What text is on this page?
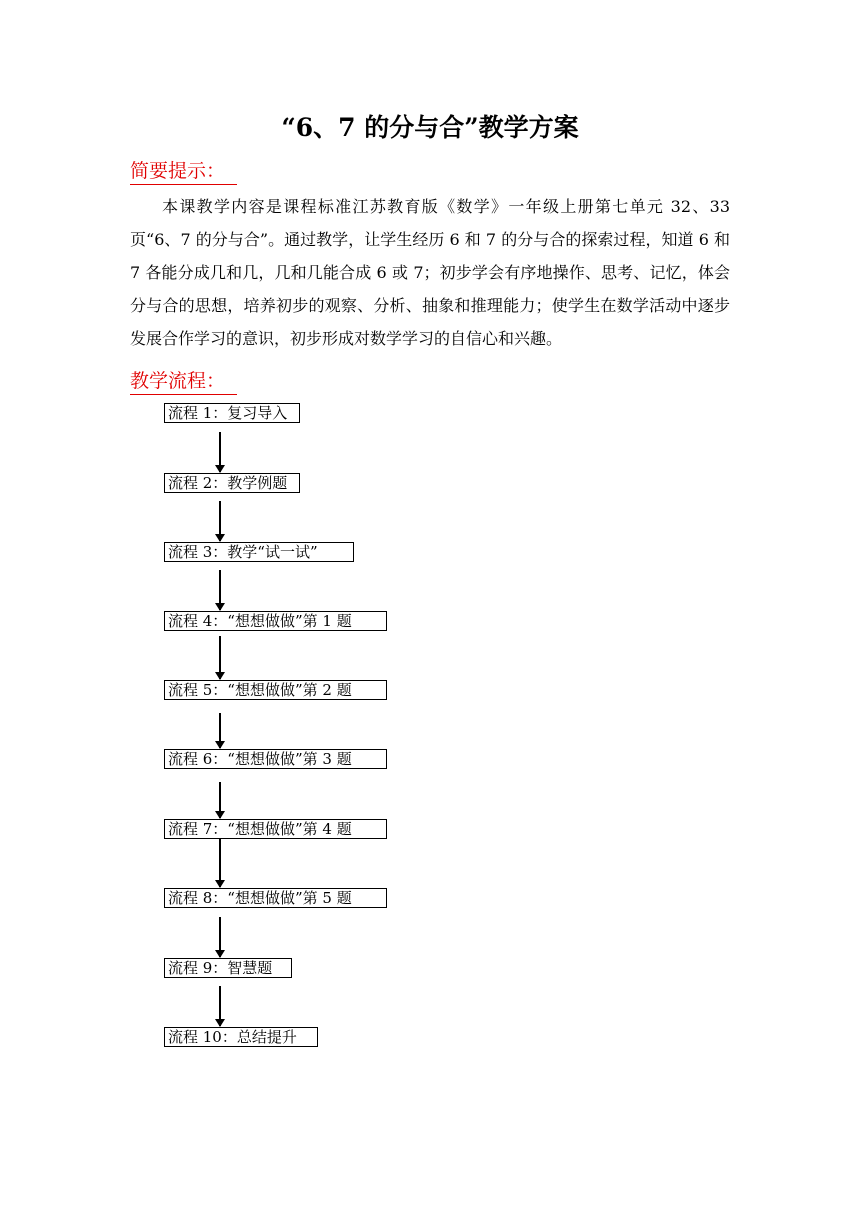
“6、7 的分与合”教学方案
简要提示：
本课教学内容是课程标准江苏教育版《数学》一年级上册第七单元 32、33 页“6、7 的分与合”。通过教学，让学生经历 6 和 7 的分与合的探索过程，知道 6 和 7 各能分成几和几，几和几能合成 6 或 7；初步学会有序地操作、思考、记忆，体会分与合的思想，培养初步的观察、分析、抽象和推理能力；使学生在数学活动中逐步发展合作学习的意识，初步形成对数学学习的自信心和兴趣。
教学流程：
流程 1：复习导入
流程 2：教学例题
流程 3：教学“试一试”
流程 4：“想想做做”第 1 题
流程 5：“想想做做”第 2 题
流程 6：“想想做做”第 3 题
流程 7：“想想做做”第 4 题
流程 8：“想想做做”第 5 题
流程 9：智慧题
流程 10：总结提升
